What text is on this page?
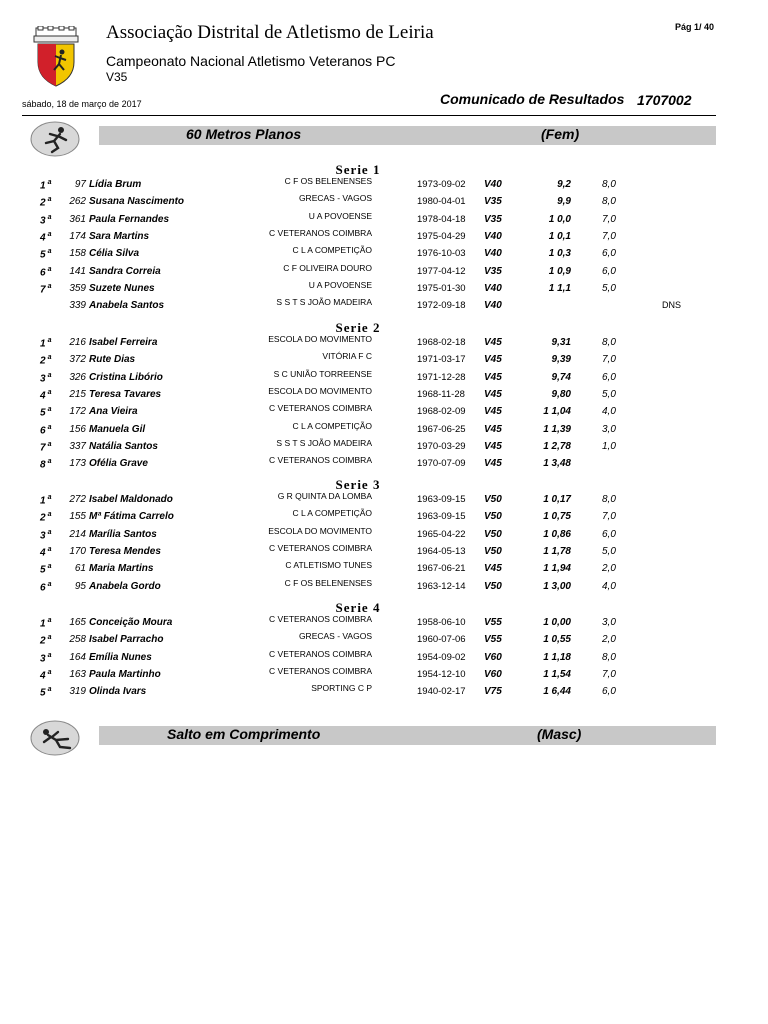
Associação Distrital de Atletismo de Leiria
Campeonato Nacional Atletismo Veteranos PC
V35
Pág 1/ 40
sábado, 18 de março de 2017	Comunicado de Resultados 1707002
60 Metros Planos	(Fem)
Serie 1
1 $^a$	97 Lídia Brum	C F OS BELENENSES	1973-09-02 V40	9,2	8,0
2 $^a$	262 Susana Nascimento	GRECAS - VAGOS	1980-04-01 V35	9,9	8,0
3 $^a$	361 Paula Fernandes	U A POVOENSE	1978-04-18 V35	1 0,0	7,0
4 $^a$	174 Sara Martins	C VETERANOS COIMBRA	1975-04-29 V40	1 0,1	7,0
5 $^a$	158 Célia Silva	C L A COMPETIÇÃO	1976-10-03 V40	1 0,3	6,0
6 $^a$	141 Sandra Correia	C F OLIVEIRA DOURO	1977-04-12 V35	1 0,9	6,0
7 $^a$	359 Suzete Nunes	U A POVOENSE	1975-01-30 V40	1 1,1	5,0
339 Anabela Santos	S S T S JOÃO MADEIRA	1972-09-18 V40	DNS
Serie 2
1 $^a$	216 Isabel Ferreira	ESCOLA DO MOVIMENTO	1968-02-18 V45	9,31	8,0
2 $^a$	372 Rute Dias	VITÓRIA F C	1971-03-17 V45	9,39	7,0
3 $^a$	326 Cristina Libório	S C UNIÃO TORREENSE	1971-12-28 V45	9,74	6,0
4 $^a$	215 Teresa Tavares	ESCOLA DO MOVIMENTO	1968-11-28 V45	9,80	5,0
5 $^a$	172 Ana Vieira	C VETERANOS COIMBRA	1968-02-09 V45	1 1,04	4,0
6 $^a$	156 Manuela Gil	C L A COMPETIÇÃO	1967-06-25 V45	1 1,39	3,0
7 $^a$	337 Natália Santos	S S T S JOÃO MADEIRA	1970-03-29 V45	1 2,78	1,0
8 $^a$	173 Ofélia Grave	C VETERANOS COIMBRA	1970-07-09 V45	1 3,48
Serie 3
1 $^a$	272 Isabel Maldonado	G R QUINTA DA LOMBA	1963-09-15 V50	1 0,17	8,0
2 $^a$	155 Mª Fátima Carrelo	C L A COMPETIÇÃO	1963-09-15 V50	1 0,75	7,0
3 $^a$	214 Marília Santos	ESCOLA DO MOVIMENTO	1965-04-22 V50	1 0,86	6,0
4 $^a$	170 Teresa Mendes	C VETERANOS COIMBRA	1964-05-13 V50	1 1,78	5,0
5 $^a$	61 Maria Martins	C ATLETISMO TUNES	1967-06-21 V45	1 1,94	2,0
6 $^a$	95 Anabela Gordo	C F OS BELENENSES	1963-12-14 V50	1 3,00	4,0
Serie 4
1 $^a$	165 Conceição Moura	C VETERANOS COIMBRA	1958-06-10 V55	1 0,00	3,0
2 $^a$	258 Isabel Parracho	GRECAS - VAGOS	1960-07-06 V55	1 0,55	2,0
3 $^a$	164 Emília Nunes	C VETERANOS COIMBRA	1954-09-02 V60	1 1,18	8,0
4 $^a$	163 Paula Martinho	C VETERANOS COIMBRA	1954-12-10 V60	1 1,54	7,0
5 $^a$	319 Olinda Ivars	SPORTING C P	1940-02-17 V75	1 6,44	6,0
Salto em Comprimento	(Masc)
